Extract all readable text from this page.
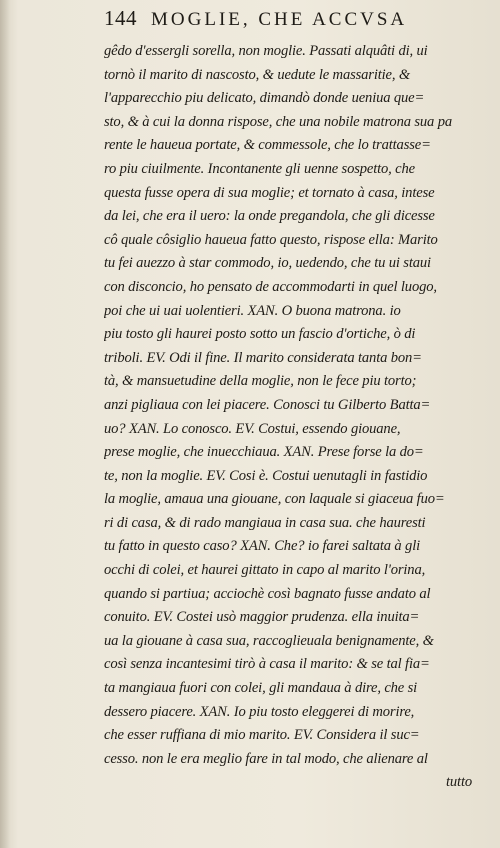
144 MOGLIE, CHE ACCVSA
gêdo d'essergli sorella, non moglie. Passati alquâti di, ui
tornò il marito di nascosto, & uedute le massaritie, &
l'apparecchio piu delicato, dimandò donde ueniua que=
sto, & à cui la donna rispose, che una nobile matrona sua pa
rente le haueua portate, & commessole, che lo trattasse=
ro piu ciuilmente. Incontanente gli uenne sospetto, che
questa fusse opera di sua moglie; et tornato à casa, intese
da lei, che era il uero: la onde pregandola, che gli dicesse
cô quale côsiglio haueua fatto questo, rispose ella: Marito
tu fei auezzo à star commodo, io, uedendo, che tu ui staui
con disconcio, ho pensato de accommodarti in quel luogo,
poi che ui uai uolentieri. XAN. O buona matrona. io
piu tosto gli haurei posto sotto un fascio d'ortiche, ò di
triboli. EV. Odi il fine. Il marito considerata tanta bon=
tà, & mansuetudine della moglie, non le fece piu torto;
anzi pigliaua con lei piacere. Conosci tu Gilberto Batta=
uo? XAN. Lo conosco. EV. Costui, essendo giouane,
prese moglie, che inuecchiaua. XAN. Prese forse la do=
te, non la moglie. EV. Cosi è. Costui uenutagli in fastidio
la moglie, amaua una giouane, con laquale si giaceua fuo=
ri di casa, & di rado mangiaua in casa sua. che hauresti
tu fatto in questo caso? XAN. Che? io farei saltata à gli
occhi di colei, et haurei gittato in capo al marito l'orina,
quando si partiua; acciochè così bagnato fusse andato al
conuito. EV. Costei usò maggior prudenza. ella inuita=
ua la giouane à casa sua, raccoglieuala benignamente, &
così senza incantesimi tirò à casa il marito: & se tal fia=
ta mangiaua fuori con colei, gli mandaua à dire, che si
dessero piacere. XAN. Io piu tosto eleggerei di morire,
che esser ruffiana di mio marito. EV. Considera il suc=
cesso. non le era meglio fare in tal modo, che alienare al
tutto
